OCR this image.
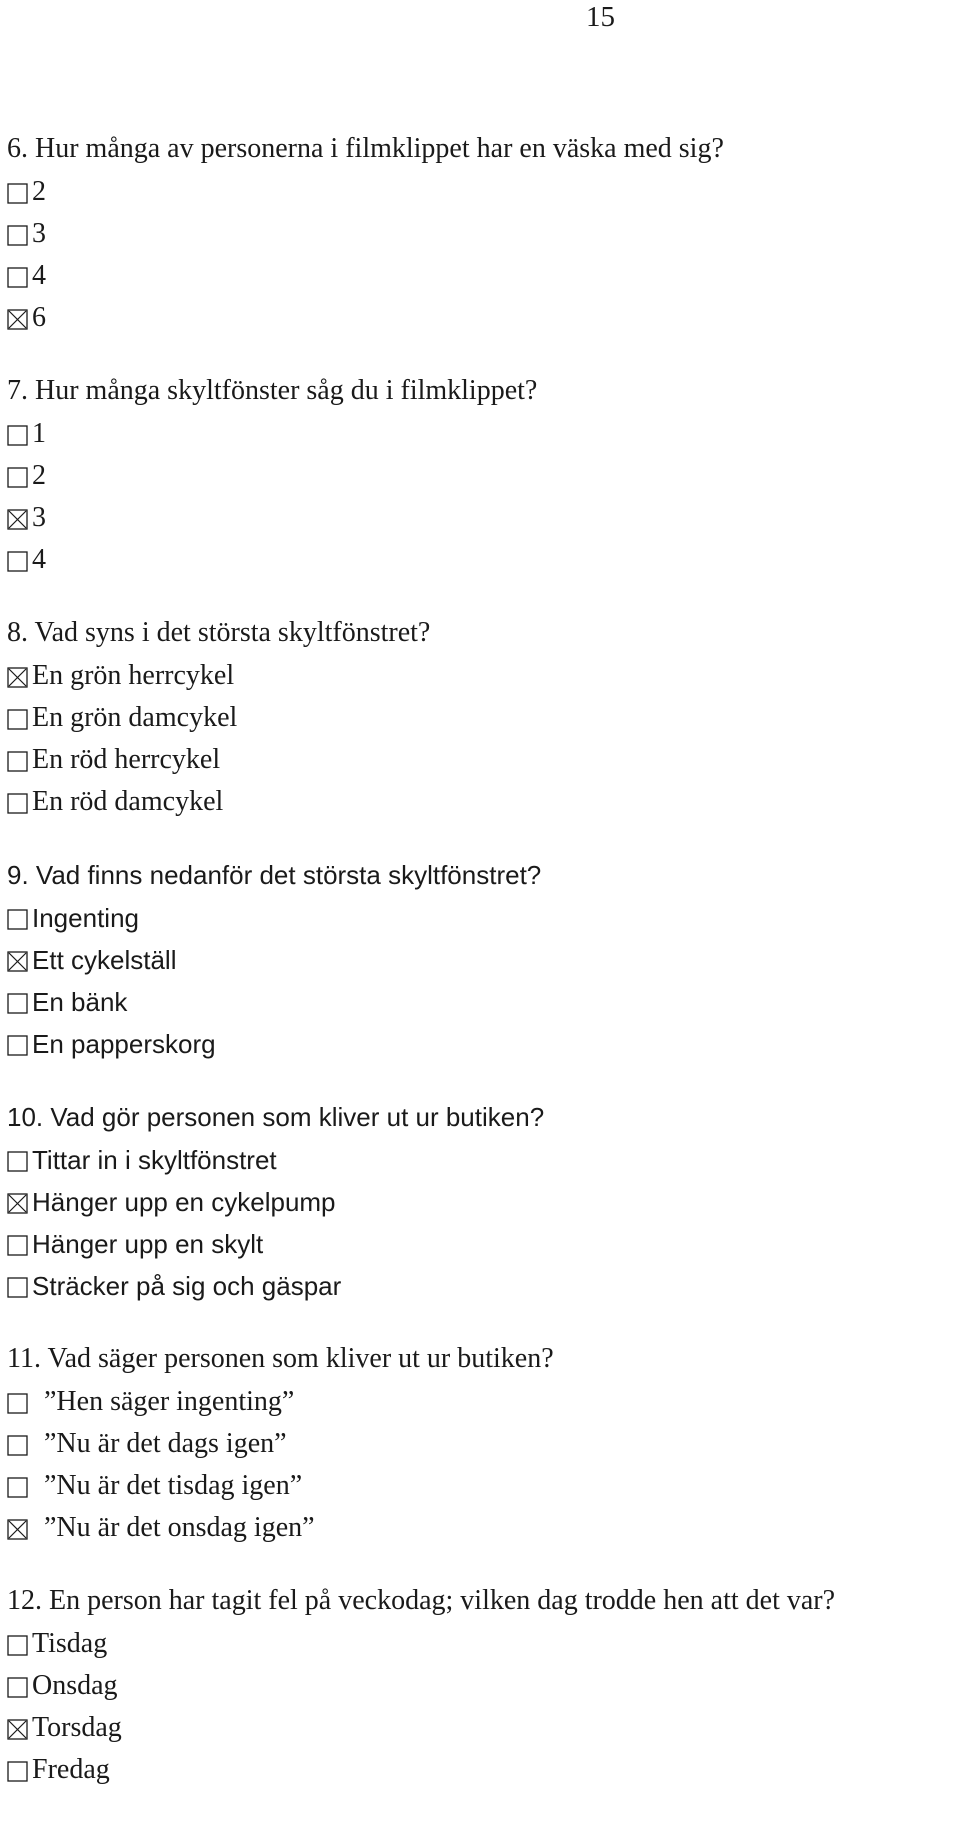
15
6. Hur många av personerna i filmklippet har en väska med sig?
2
3
4
6
7. Hur många skyltfönster såg du i filmklippet?
1
2
3
4
8. Vad syns i det största skyltfönstret?
En grön herrcykel
En grön damcykel
En röd herrcykel
En röd damcykel
9. Vad finns nedanför det största skyltfönstret?
Ingenting
Ett cykelställ
En bänk
En papperskorg
10. Vad gör personen som kliver ut ur butiken?
Tittar in i skyltfönstret
Hänger upp en cykelpump
Hänger upp en skylt
Sträcker på sig och gäspar
11. Vad säger personen som kliver ut ur butiken?
”Hen säger ingenting”
”Nu är det dags igen”
”Nu är det tisdag igen”
”Nu är det onsdag igen”
12. En person har tagit fel på veckodag; vilken dag trodde hen att det var?
Tisdag
Onsdag
Torsdag
Fredag
